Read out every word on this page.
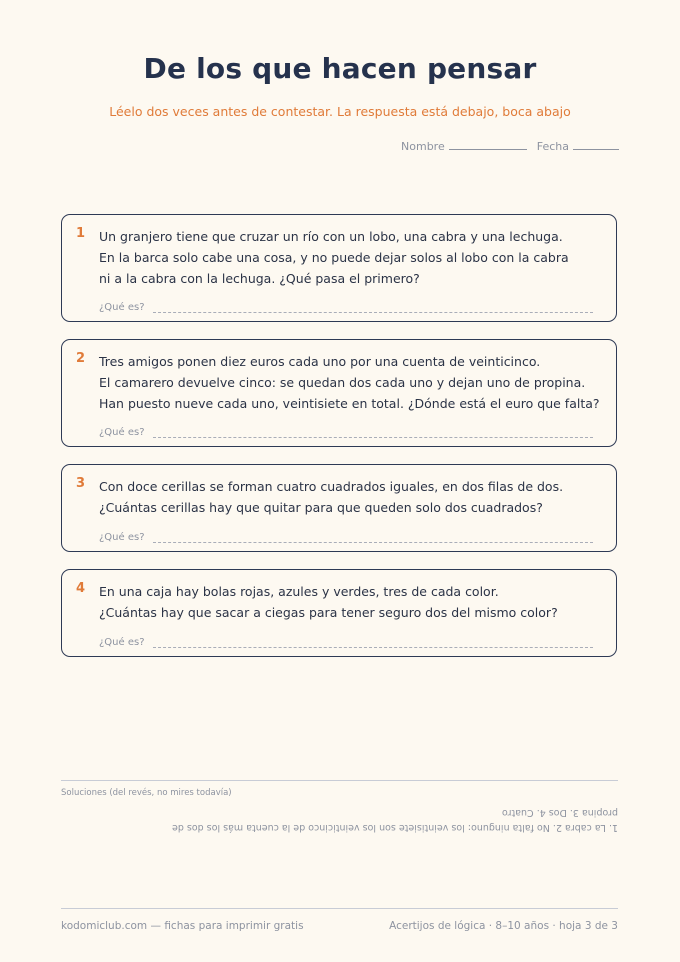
De los que hacen pensar
Léelo dos veces antes de contestar. La respuesta está debajo, boca abajo
Nombre	Fecha
1 Un granjero tiene que cruzar un río con un lobo, una cabra y una lechuga.
En la barca solo cabe una cosa, y no puede dejar solos al lobo con la cabra
ni a la cabra con la lechuga. ¿Qué pasa el primero?
¿Qué es?
2 Tres amigos ponen diez euros cada uno por una cuenta de veinticinco.
El camarero devuelve cinco: se quedan dos cada uno y dejan uno de propina.
Han puesto nueve cada uno, veintisiete en total. ¿Dónde está el euro que falta?
¿Qué es?
3 Con doce cerillas se forman cuatro cuadrados iguales, en dos filas de dos.
¿Cuántas cerillas hay que quitar para que queden solo dos cuadrados?
¿Qué es?
4 En una caja hay bolas rojas, azules y verdes, tres de cada color.
¿Cuántas hay que sacar a ciegas para tener seguro dos del mismo color?
¿Qué es?
Soluciones (del revés, no mires todavía)
1. La cabra 2. No falta ninguno: los veintisiete son los veinticinco de la cuenta más los dos de
propina 3. Dos 4. Cuatro
kodomiclub.com — fichas para imprimir gratis	Acertijos de lógica · 8–10 años · hoja 3 de 3
